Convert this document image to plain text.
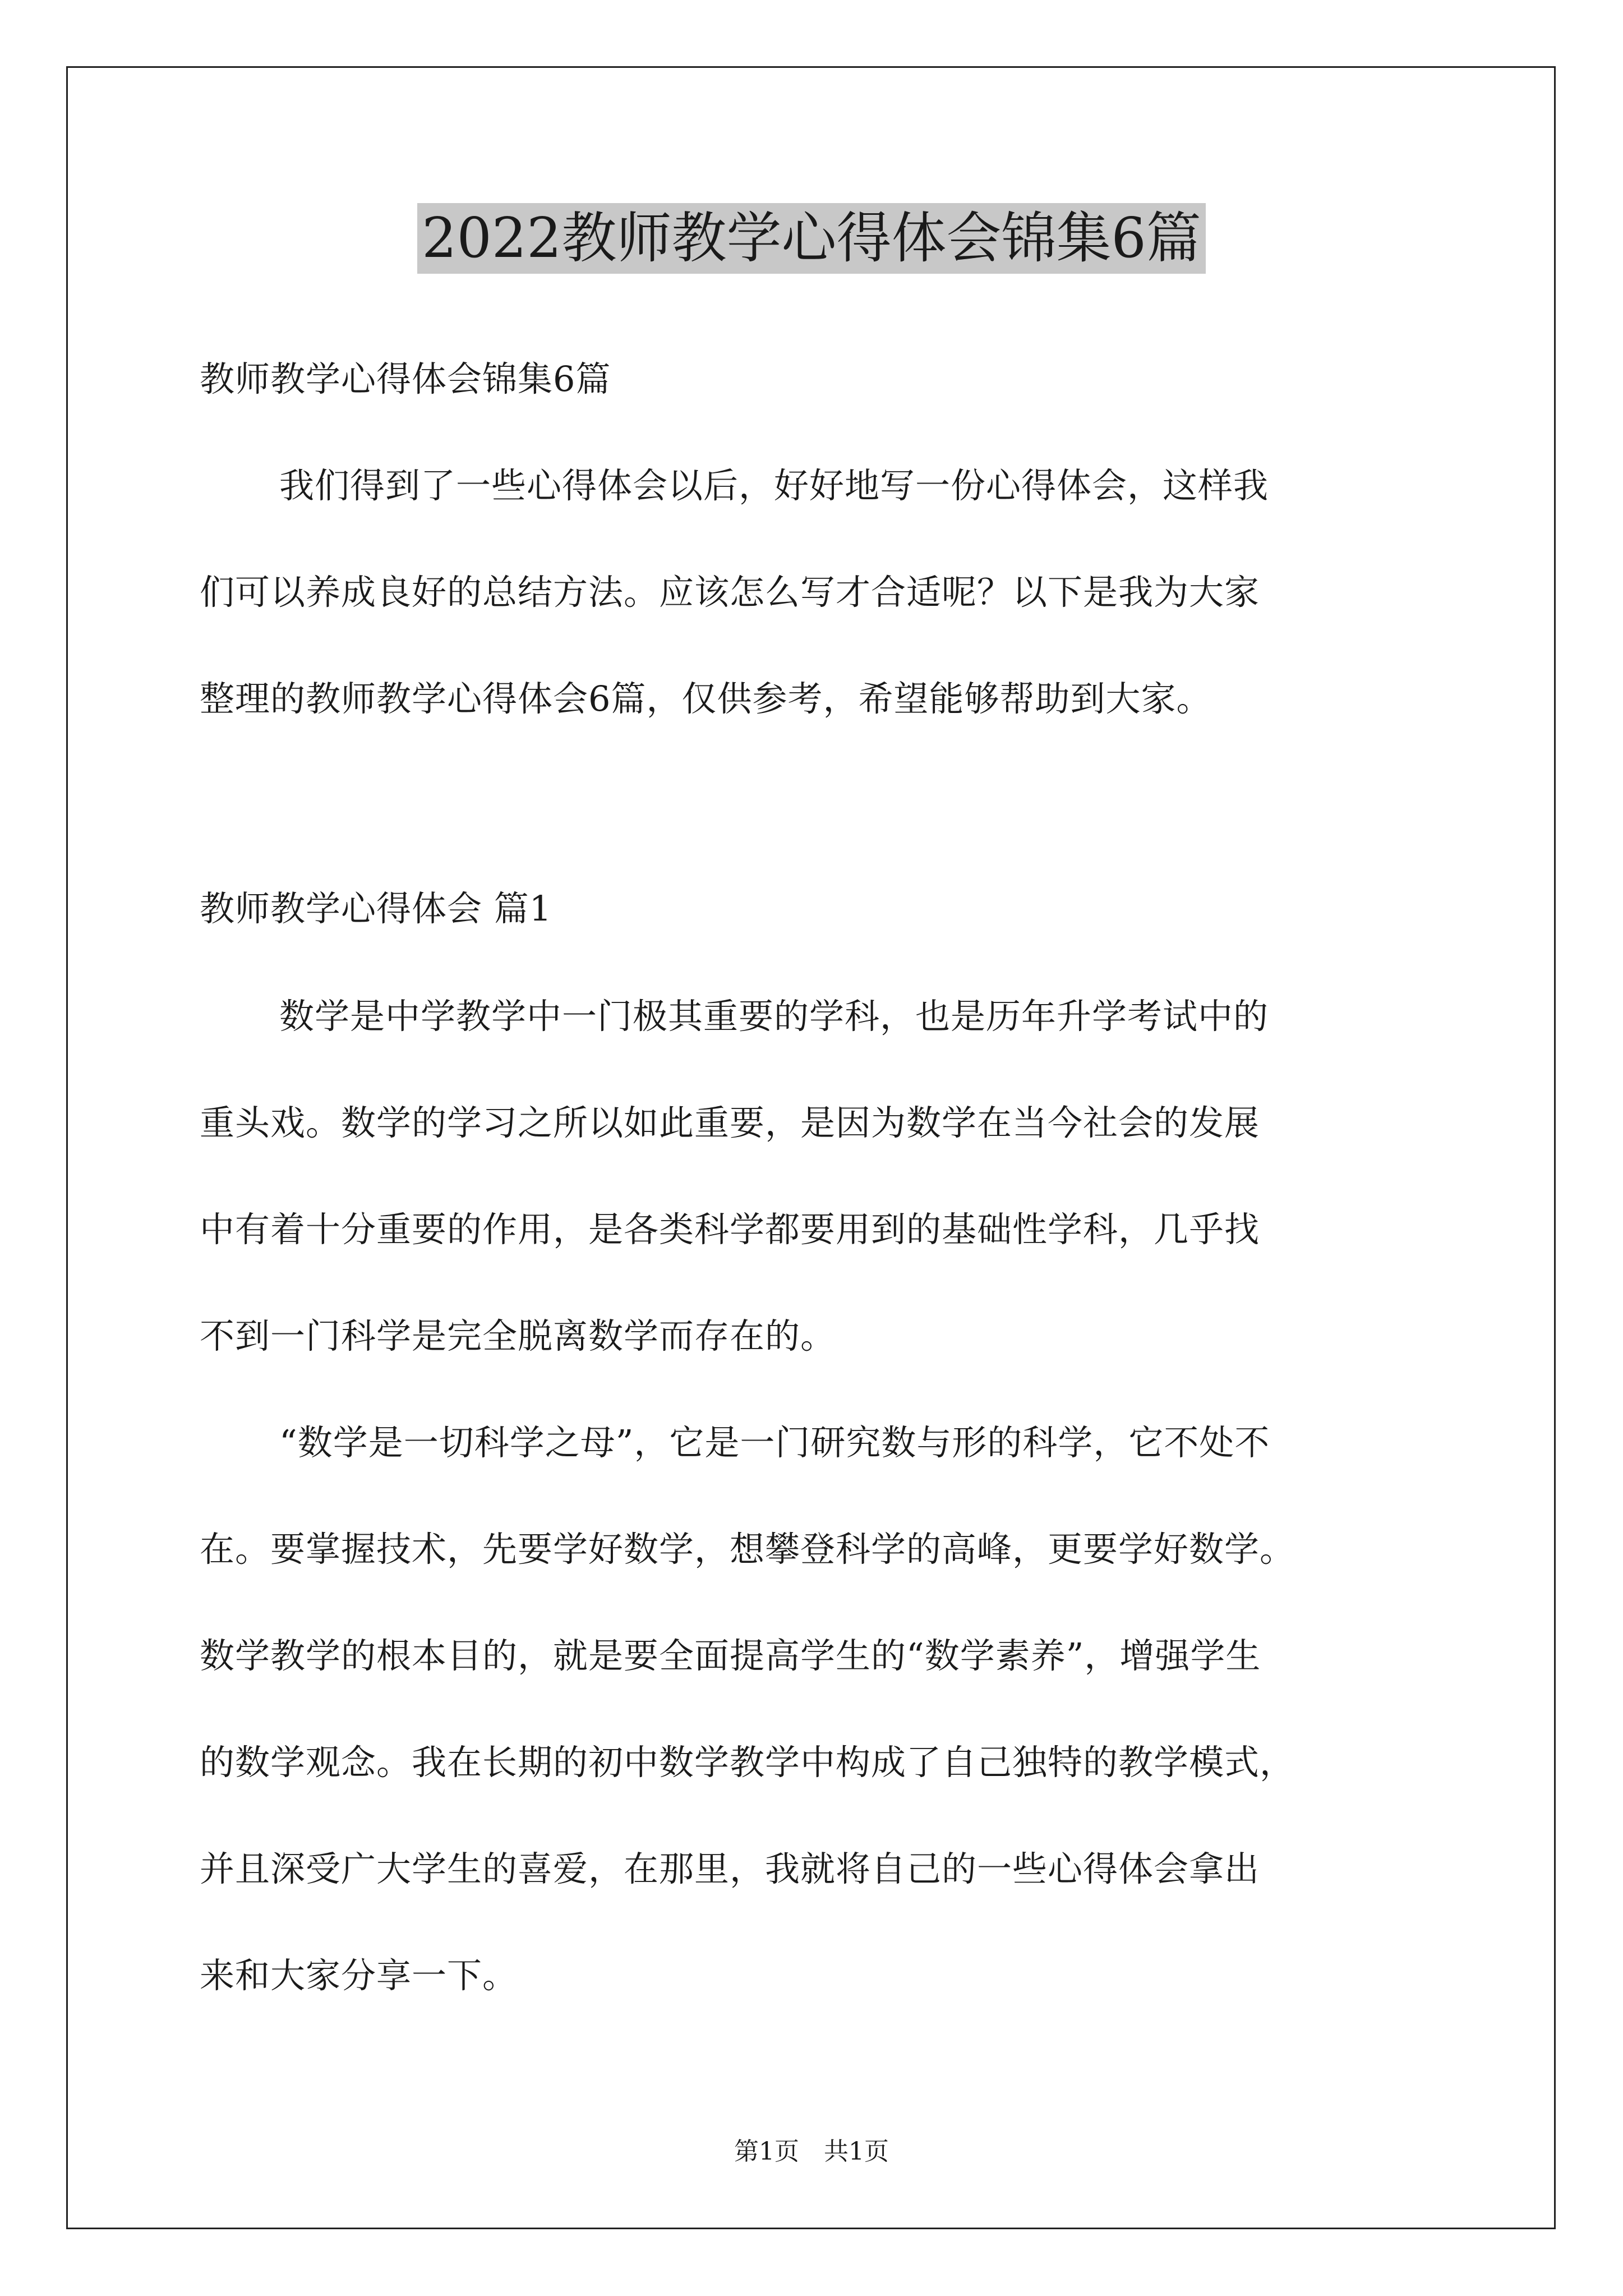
2022教师教学心得体会锦集6篇
教师教学心得体会锦集6篇
我们得到了一些心得体会以后，好好地写一份心得体会，这样我
们可以养成良好的总结方法。应该怎么写才合适呢？以下是我为大家
整理的教师教学心得体会6篇，仅供参考，希望能够帮助到大家。
教师教学心得体会 篇1
数学是中学教学中一门极其重要的学科，也是历年升学考试中的
重头戏。数学的学习之所以如此重要，是因为数学在当今社会的发展
中有着十分重要的作用，是各类科学都要用到的基础性学科，几乎找
不到一门科学是完全脱离数学而存在的。
“数学是一切科学之母”，它是一门研究数与形的科学，它不处不
在。要掌握技术，先要学好数学，想攀登科学的高峰，更要学好数学。
数学教学的根本目的，就是要全面提高学生的“数学素养”，增强学生
的数学观念。我在长期的初中数学教学中构成了自己独特的教学模式，
并且深受广大学生的喜爱，在那里，我就将自己的一些心得体会拿出
来和大家分享一下。
第1页　共1页
